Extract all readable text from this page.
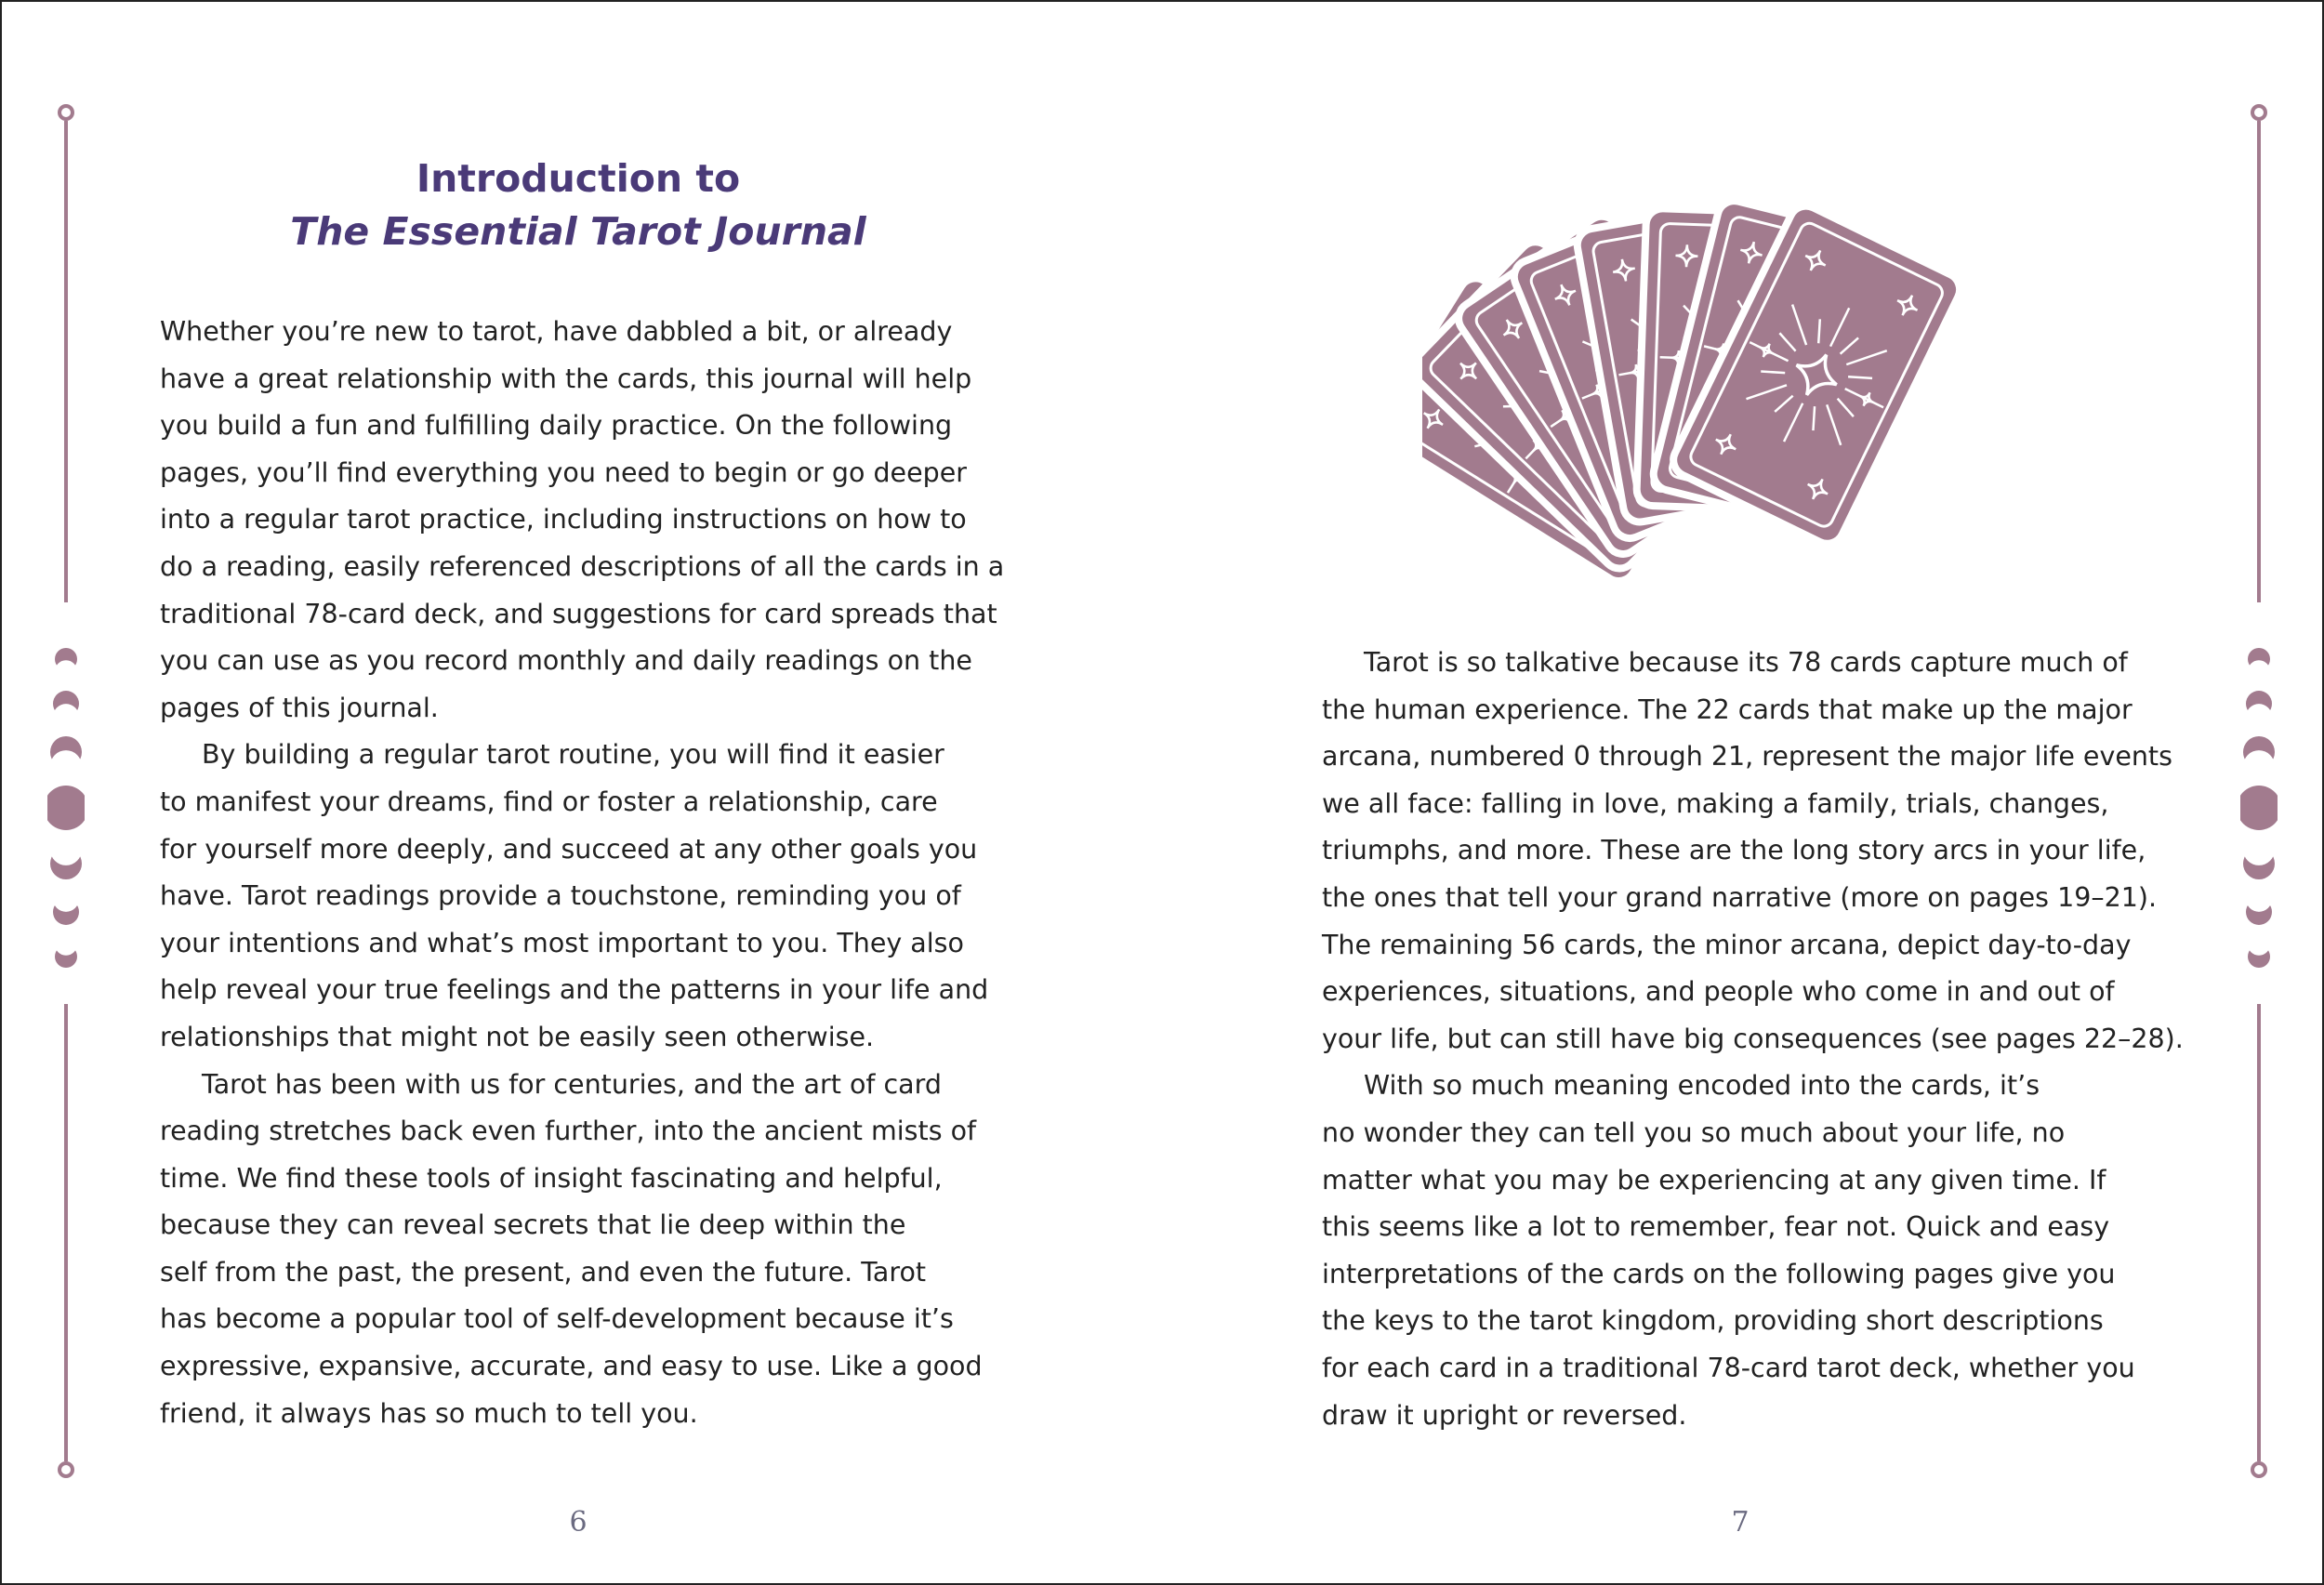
Introduction to
The Essential Tarot Journal
Whether you’re new to tarot, have dabbled a bit, or already
have a great relationship with the cards, this journal will help
you build a fun and fulfilling daily practice. On the following
pages, you’ll find everything you need to begin or go deeper
into a regular tarot practice, including instructions on how to
do a reading, easily referenced descriptions of all the cards in a
traditional 78-card deck, and suggestions for card spreads that
you can use as you record monthly and daily readings on the
pages of this journal.
By building a regular tarot routine, you will find it easier
to manifest your dreams, find or foster a relationship, care
for yourself more deeply, and succeed at any other goals you
have. Tarot readings provide a touchstone, reminding you of
your intentions and what’s most important to you. They also
help reveal your true feelings and the patterns in your life and
relationships that might not be easily seen otherwise.
Tarot has been with us for centuries, and the art of card
reading stretches back even further, into the ancient mists of
time. We find these tools of insight fascinating and helpful,
because they can reveal secrets that lie deep within the
self from the past, the present, and even the future. Tarot
has become a popular tool of self-development because it’s
expressive, expansive, accurate, and easy to use. Like a good
friend, it always has so much to tell you.
6
Tarot is so talkative because its 78 cards capture much of
the human experience. The 22 cards that make up the major
arcana, numbered 0 through 21, represent the major life events
we all face: falling in love, making a family, trials, changes,
triumphs, and more. These are the long story arcs in your life,
the ones that tell your grand narrative (more on pages 19–21).
The remaining 56 cards, the minor arcana, depict day-to-day
experiences, situations, and people who come in and out of
your life, but can still have big consequences (see pages 22–28).
With so much meaning encoded into the cards, it’s
no wonder they can tell you so much about your life, no
matter what you may be experiencing at any given time. If
this seems like a lot to remember, fear not. Quick and easy
interpretations of the cards on the following pages give you
the keys to the tarot kingdom, providing short descriptions
for each card in a traditional 78-card tarot deck, whether you
draw it upright or reversed.
7
